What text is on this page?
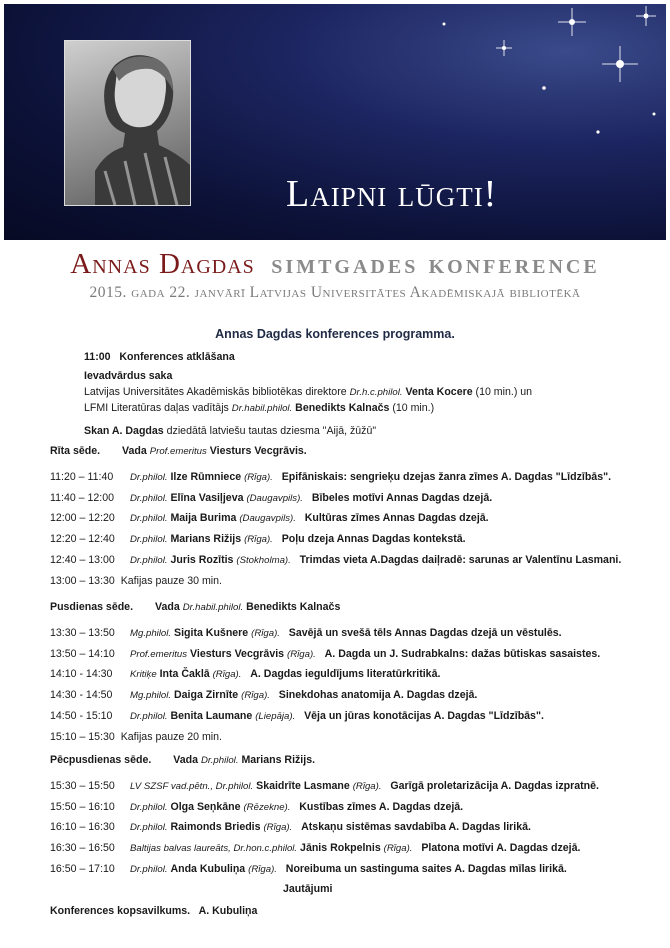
Laipni lūgti!
Annas Dagdas simtgades konference
2015. gada 22. janvārī Latvijas Universitātes Akadēmiskajā bibliotēkā
Annas Dagdas konferences programma.
11:00 Konferences atklāšana
Ievadvārdus saka
Latvijas Universitātes Akadēmiskās bibliotēkas direktore Dr.h.c.philol. Venta Kocere (10 min.) un
LFMI Literatūras daļas vadītājs Dr.habil.philol. Benedikts Kalnačs (10 min.)
Skan A. Dagdas dziedātā latviešu tautas dziesma "Aijā, žūžū"
Rīta sēde. Vada Prof.emeritus Viesturs Vecgrāvis.
11:20 – 11:40 Dr.philol. Ilze Rūmniece (Rīga). Epifāniskais: sengrieķu dzejas žanra zīmes A. Dagdas "Līdzībās".
11:40 – 12:00 Dr.philol. Elīna Vasiļjeva (Daugavpils). Bībeles motīvi Annas Dagdas dzejā.
12:00 – 12:20 Dr.philol. Maija Burima (Daugavpils). Kultūras zīmes Annas Dagdas dzejā.
12:20 – 12:40 Dr.philol. Marians Rižijs (Rīga). Poļu dzeja Annas Dagdas kontekstā.
12:40 – 13:00 Dr.philol. Juris Rozītis (Stokholma). Trimdas vieta A.Dagdas daiļradē: sarunas ar Valentīnu Lasmani.
13:00 – 13:30 Kafijas pauze 30 min.
Pusdienas sēde. Vada Dr.habil.philol. Benedikts Kalnačs
13:30 – 13:50 Mg.philol. Sigita Kušnere (Rīga). Savējā un svešā tēls Annas Dagdas dzejā un vēstulēs.
13:50 – 14:10 Prof.emeritus Viesturs Vecgrāvis (Rīga). A. Dagda un J. Sudrabkalns: dažas būtiskas sasaistes.
14:10 - 14:30 Kritiķe Inta Čaklā (Rīga). A. Dagdas ieguldījums literatūrkritikā.
14:30 - 14:50 Mg.philol. Daiga Zirnīte (Rīga). Sinekdohas anatomija A. Dagdas dzejā.
14:50 - 15:10 Dr.philol. Benita Laumane (Liepāja). Vēja un jūras konotācijas A. Dagdas "Līdzībās".
15:10 – 15:30 Kafijas pauze 20 min.
Pēcpusdienas sēde. Vada Dr.philol. Marians Rižijs.
15:30 – 15:50 LV SZSF vad.pētn., Dr.philol. Skaidrīte Lasmane (Rīga). Garīgā proletarizācija A. Dagdas izpratnē.
15:50 – 16:10 Dr.philol. Olga Seņkāne (Rēzekne). Kustības zīmes A. Dagdas dzejā.
16:10 – 16:30 Dr.philol. Raimonds Briedis (Rīga). Atskaņu sistēmas savdabība A. Dagdas lirikā.
16:30 – 16:50 Baltijas balvas laureāts, Dr.hon.c.philol. Jānis Rokpelnis (Rīga). Platona motīvi A. Dagdas dzejā.
16:50 – 17:10 Dr.philol. Anda Kubuliņa (Rīga). Noreibuma un sastinguma saites A. Dagdas mīlas lirikā.
Jautājumi
Konferences kopsavilkums.   A. Kubuliņa
